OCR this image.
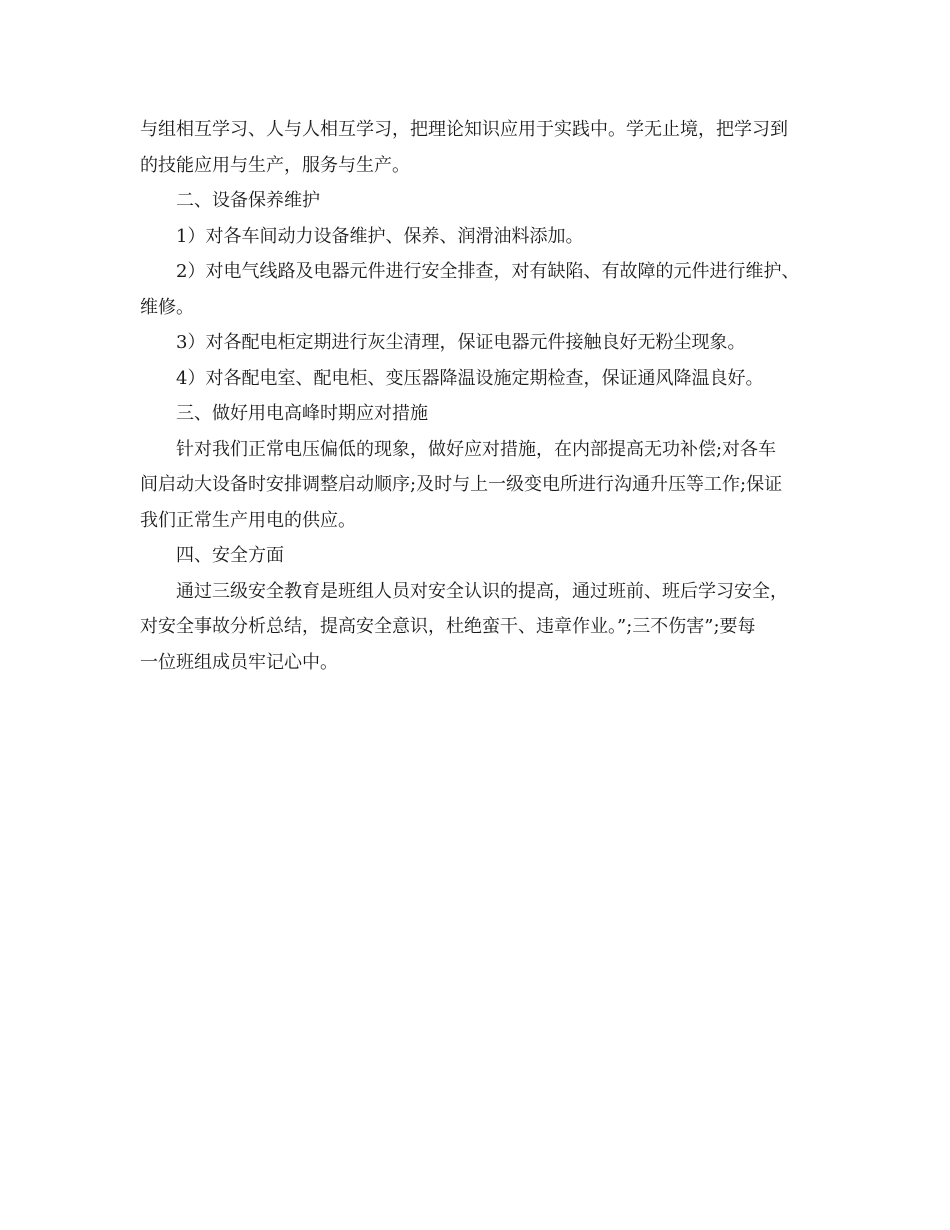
与组相互学习、人与人相互学习，把理论知识应用于实践中。学无止境，把学习到
的技能应用与生产，服务与生产。
二、设备保养维护
1）对各车间动力设备维护、保养、润滑油料添加。
2）对电气线路及电器元件进行安全排查，对有缺陷、有故障的元件进行维护、
维修。
3）对各配电柜定期进行灰尘清理，保证电器元件接触良好无粉尘现象。
4）对各配电室、配电柜、变压器降温设施定期检查，保证通风降温良好。
三、做好用电高峰时期应对措施
针对我们正常电压偏低的现象，做好应对措施，在内部提高无功补偿;对各车
间启动大设备时安排调整启动顺序;及时与上一级变电所进行沟通升压等工作;保证
我们正常生产用电的供应。
四、安全方面
通过三级安全教育是班组人员对安全认识的提高，通过班前、班后学习安全，
对安全事故分析总结，提高安全意识，杜绝蛮干、违章作业。”;三不伤害”;要每
一位班组成员牢记心中。
